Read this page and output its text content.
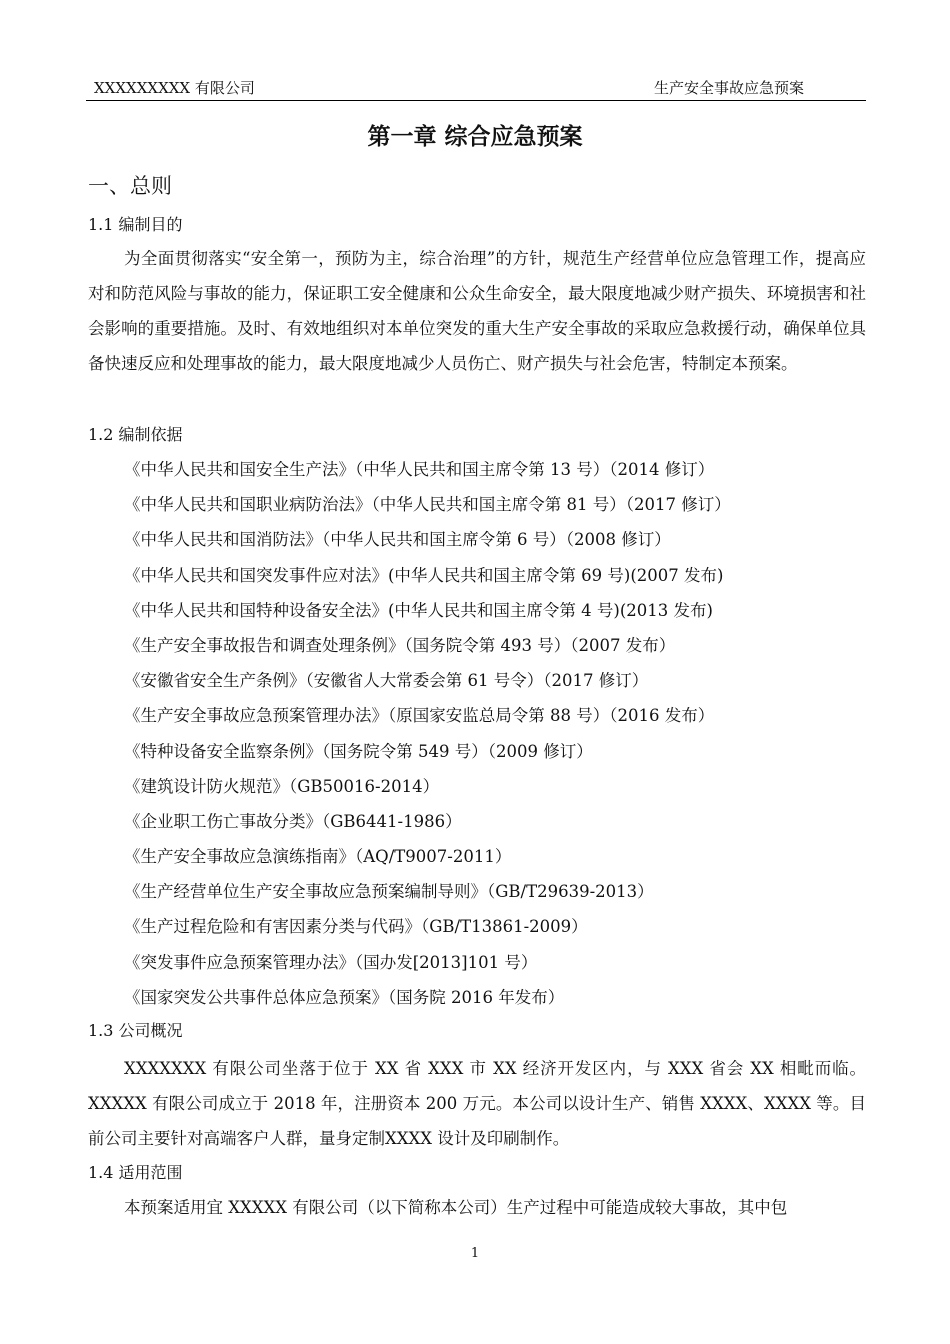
XXXXXXXXX 有限公司	生产安全事故应急预案
第一章 综合应急预案
一、总则
1.1 编制目的
为全面贯彻落实“安全第一，预防为主，综合治理”的方针，规范生产经营单位应急管理工作，提高应对和防范风险与事故的能力，保证职工安全健康和公众生命安全，最大限度地减少财产损失、环境损害和社会影响的重要措施。及时、有效地组织对本单位突发的重大生产安全事故的采取应急救援行动，确保单位具备快速反应和处理事故的能力，最大限度地减少人员伤亡、财产损失与社会危害，特制定本预案。
1.2 编制依据
《中华人民共和国安全生产法》（中华人民共和国主席令第 13 号）（2014 修订）
《中华人民共和国职业病防治法》（中华人民共和国主席令第 81 号）（2017 修订）
《中华人民共和国消防法》（中华人民共和国主席令第 6 号）（2008 修订）
《中华人民共和国突发事件应对法》(中华人民共和国主席令第 69 号)(2007 发布)
《中华人民共和国特种设备安全法》(中华人民共和国主席令第 4 号)(2013 发布)
《生产安全事故报告和调查处理条例》（国务院令第 493 号）（2007 发布）
《安徽省安全生产条例》（安徽省人大常委会第 61 号令）（2017 修订）
《生产安全事故应急预案管理办法》（原国家安监总局令第 88 号）（2016 发布）
《特种设备安全监察条例》（国务院令第 549 号）（2009 修订）
《建筑设计防火规范》（GB50016-2014）
《企业职工伤亡事故分类》（GB6441-1986）
《生产安全事故应急演练指南》（AQ/T9007-2011）
《生产经营单位生产安全事故应急预案编制导则》（GB/T29639-2013）
《生产过程危险和有害因素分类与代码》（GB/T13861-2009）
《突发事件应急预案管理办法》（国办发[2013]101 号）
《国家突发公共事件总体应急预案》（国务院 2016 年发布）
1.3 公司概况
XXXXXXX 有限公司坐落于位于 XX 省 XXX 市 XX 经济开发区内，与 XXX 省会 XX 相毗而临。XXXXX 有限公司成立于 2018 年，注册资本 200 万元。本公司以设计生产、销售 XXXX、XXXX 等。目前公司主要针对高端客户人群，量身定制XXXX 设计及印刷制作。
1.4 适用范围
本预案适用宜 XXXXX 有限公司（以下简称本公司）生产过程中可能造成较大事故，其中包
1
